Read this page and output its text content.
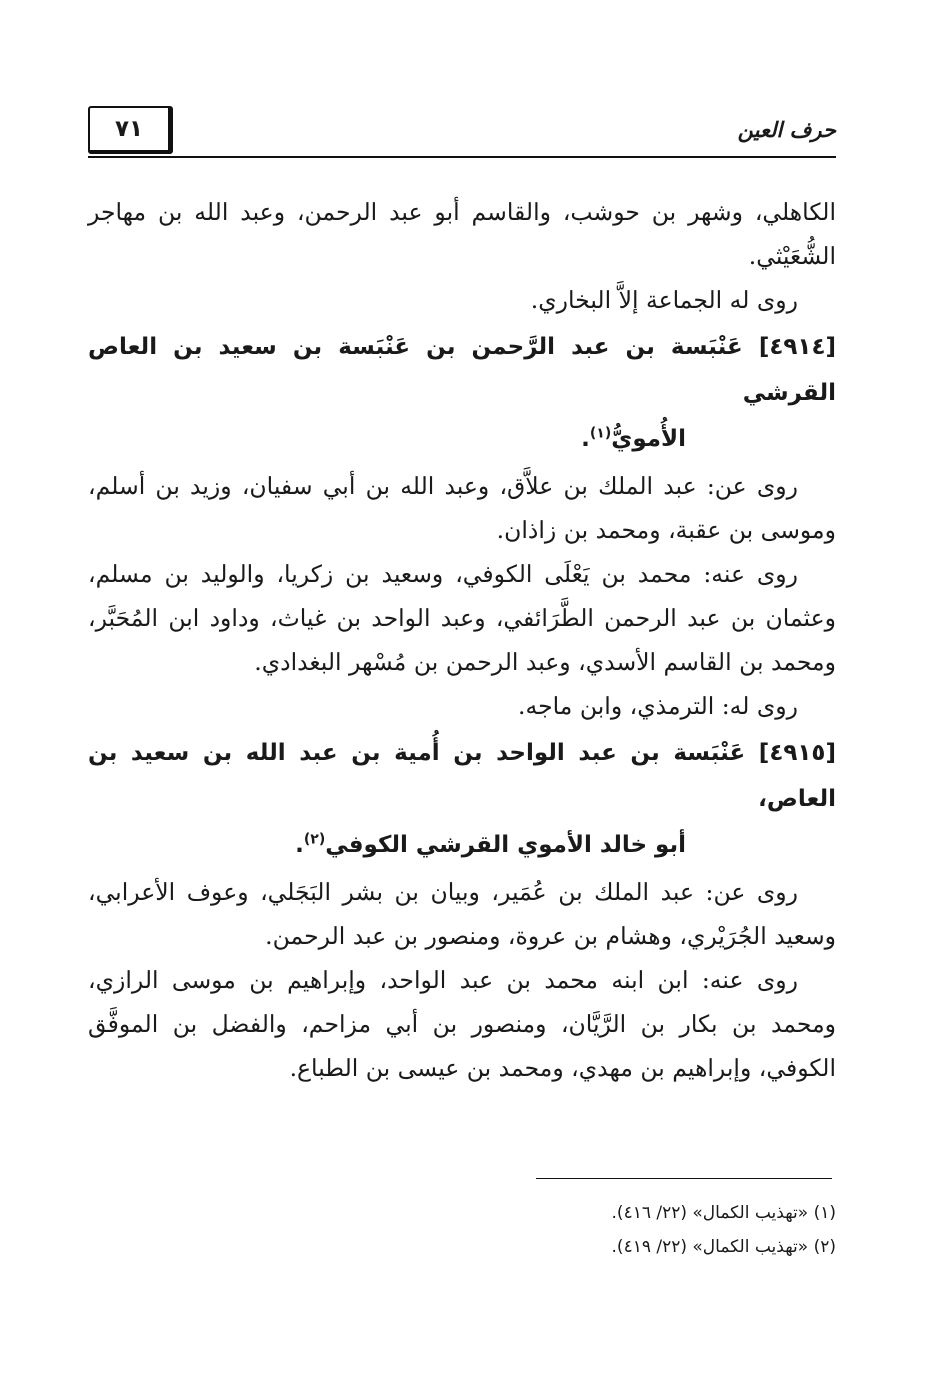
حرف العين
٧١
الكاهلي، وشهر بن حوشب، والقاسم أبو عبد الرحمن، وعبد الله بن مهاجر الشُّعَيْثي.
روى له الجماعة إلاَّ البخاري.
[٤٩١٤] عَنْبَسة بن عبد الرَّحمن بن عَنْبَسة بن سعيد بن العاص القرشي
الأُمويُّ$^{(١)}$.
روى عن: عبد الملك بن علاَّق، وعبد الله بن أبي سفيان، وزيد بن أسلم، وموسى بن عقبة، ومحمد بن زاذان.
روى عنه: محمد بن يَعْلَى الكوفي، وسعيد بن زكريا، والوليد بن مسلم، وعثمان بن عبد الرحمن الطَّرَائفي، وعبد الواحد بن غياث، وداود ابن المُحَبَّر، ومحمد بن القاسم الأسدي، وعبد الرحمن بن مُسْهر البغدادي.
روى له: الترمذي، وابن ماجه.
[٤٩١٥] عَنْبَسة بن عبد الواحد بن أُمية بن عبد الله بن سعيد بن العاص،
أبو خالد الأموي القرشي الكوفي$^{(٢)}$.
روى عن: عبد الملك بن عُمَير، وبيان بن بشر البَجَلي، وعوف الأعرابي، وسعيد الجُرَيْري، وهشام بن عروة، ومنصور بن عبد الرحمن.
روى عنه: ابن ابنه محمد بن عبد الواحد، وإبراهيم بن موسى الرازي، ومحمد بن بكار بن الرَّيَّان، ومنصور بن أبي مزاحم، والفضل بن الموفَّق الكوفي، وإبراهيم بن مهدي، ومحمد بن عيسى بن الطباع.
(١) «تهذيب الكمال» (٢٢/ ٤١٦).
(٢) «تهذيب الكمال» (٢٢/ ٤١٩).
